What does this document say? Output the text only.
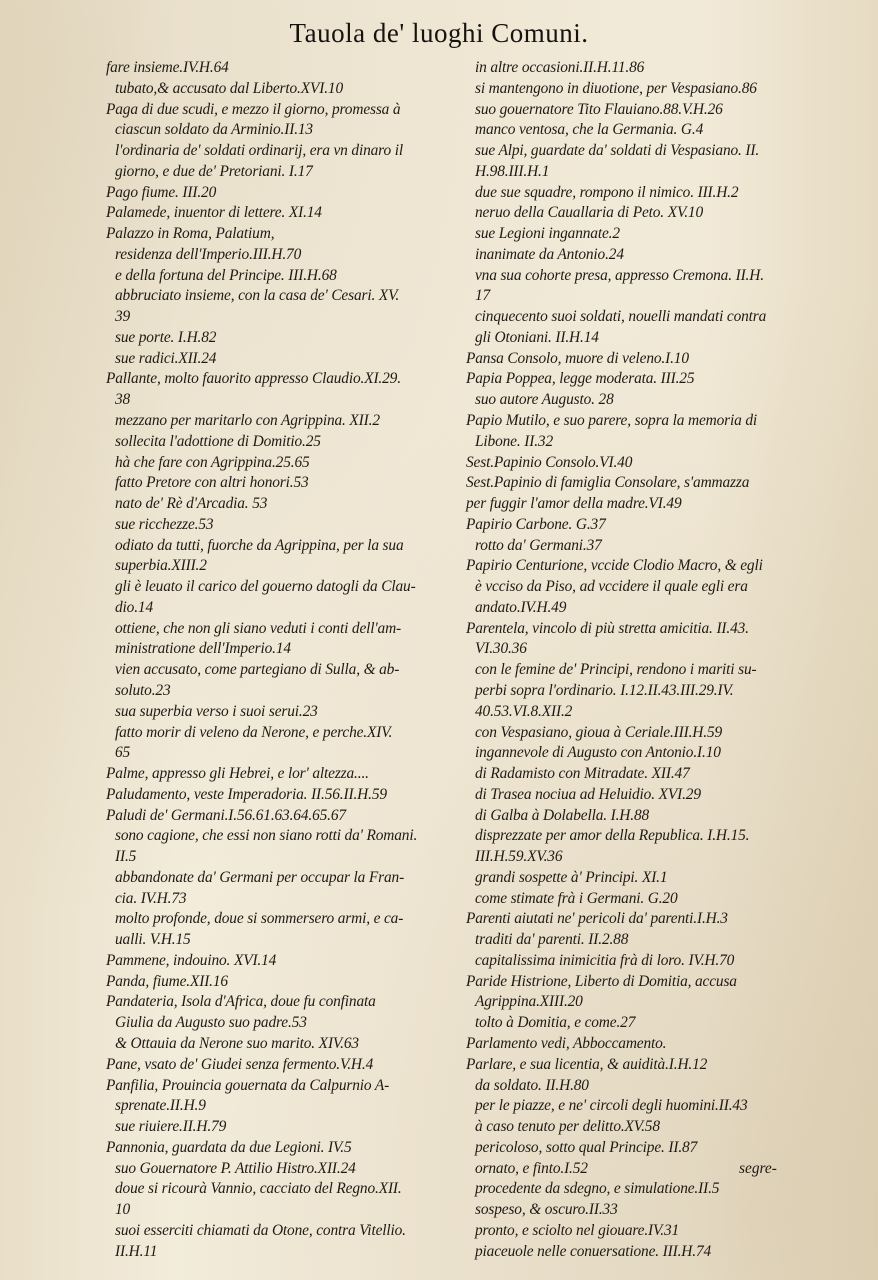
Tauola de' luoghi Comuni.
fare insieme.IV.H.64
tubato,& accusato dal Liberto.XVI.10
Paga di due scudi, e mezzo il giorno, promessa à
ciascun soldato da Arminio.II.13
l'ordinaria de' soldati ordinarij, era vn dinaro il
giorno, e due de' Pretoriani. I.17
Pago fiume. III.20
Palamede, inuentor di lettere. XI.14
Palazzo in Roma, Palatium,
residenza dell'Imperio.III.H.70
e della fortuna del Principe. III.H.68
abbruciato insieme, con la casa de' Cesari. XV.
39
sue porte. I.H.82
sue radici.XII.24
Pallante, molto fauorito appresso Claudio.XI.29.
38
mezzano per maritarlo con Agrippina. XII.2
sollecita l'adottione di Domitio.25
hà che fare con Agrippina.25.65
fatto Pretore con altri honori.53
nato de' Rè d'Arcadia. 53
sue ricchezze.53
odiato da tutti, fuorche da Agrippina, per la sua
superbia.XIII.2
gli è leuato il carico del gouerno datogli da Clau-
dio.14
ottiene, che non gli siano veduti i conti dell'am-
ministratione dell'Imperio.14
vien accusato, come partegiano di Sulla, & ab-
soluto.23
sua superbia verso i suoi serui.23
fatto morir di veleno da Nerone, e perche.XIV.
65
Palme, appresso gli Hebrei, e lor' altezza....
Paludamento, veste Imperadoria. II.56.II.H.59
Paludi de' Germani.I.56.61.63.64.65.67
sono cagione, che essi non siano rotti da' Romani.
II.5
abbandonate da' Germani per occupar la Fran-
cia. IV.H.73
molto profonde, doue si sommersero armi, e ca-
ualli. V.H.15
Pammene, indouino. XVI.14
Panda, fiume.XII.16
Pandateria, Isola d'Africa, doue fu confinata
Giulia da Augusto suo padre.53
& Ottauia da Nerone suo marito. XIV.63
Pane, vsato de' Giudei senza fermento.V.H.4
Panfilia, Prouincia gouernata da Calpurnio A-
sprenate.II.H.9
sue riuiere.II.H.79
Pannonia, guardata da due Legioni. IV.5
suo Gouernatore P. Attilio Histro.XII.24
doue si ricourà Vannio, cacciato del Regno.XII.
10
suoi esserciti chiamati da Otone, contra Vitellio.
II.H.11
in altre occasioni.II.H.11.86
si mantengono in diuotione, per Vespasiano.86
suo gouernatore Tito Flauiano.88.V.H.26
manco ventosa, che la Germania. G.4
sue Alpi, guardate da' soldati di Vespasiano. II.
H.98.III.H.1
due sue squadre, rompono il nimico. III.H.2
neruo della Cauallaria di Peto. XV.10
sue Legioni ingannate.2
inanimate da Antonio.24
vna sua cohorte presa, appresso Cremona. II.H.
17
cinquecento suoi soldati, nouelli mandati contra
gli Otoniani. II.H.14
Pansa Consolo, muore di veleno.I.10
Papia Poppea, legge moderata. III.25
suo autore Augusto. 28
Papio Mutilo, e suo parere, sopra la memoria di
Libone. II.32
Sest.Papinio Consolo.VI.40
Sest.Papinio di famiglia Consolare, s'ammazza
per fuggir l'amor della madre.VI.49
Papirio Carbone. G.37
rotto da' Germani.37
Papirio Centurione, vccide Clodio Macro, & egli
è vcciso da Piso, ad vccidere il quale egli era
andato.IV.H.49
Parentela, vincolo di più stretta amicitia. II.43.
VI.30.36
con le femine de' Principi, rendono i mariti su-
perbi sopra l'ordinario. I.12.II.43.III.29.IV.
40.53.VI.8.XII.2
con Vespasiano, gioua à Ceriale.III.H.59
ingannevole di Augusto con Antonio.I.10
di Radamisto con Mitradate. XII.47
di Trasea nociua ad Heluidio. XVI.29
di Galba à Dolabella. I.H.88
disprezzate per amor della Republica. I.H.15.
III.H.59.XV.36
grandi sospette à' Principi. XI.1
come stimate frà i Germani. G.20
Parenti aiutati ne' pericoli da' parenti.I.H.3
traditi da' parenti. II.2.88
capitalissima inimicitia frà di loro. IV.H.70
Paride Histrione, Liberto di Domitia, accusa
Agrippina.XIII.20
tolto à Domitia, e come.27
Parlamento vedi, Abboccamento.
Parlare, e sua licentia, & auidità.I.H.12
da soldato. II.H.80
per le piazze, e ne' circoli degli huomini.II.43
à caso tenuto per delitto.XV.58
pericoloso, sotto qual Principe. II.87
ornato, e finto.I.52
procedente da sdegno, e simulatione.II.5
sospeso, & oscuro.II.33
pronto, e sciolto nel giouare.IV.31
piaceuole nelle conuersatione. III.H.74
segre-
